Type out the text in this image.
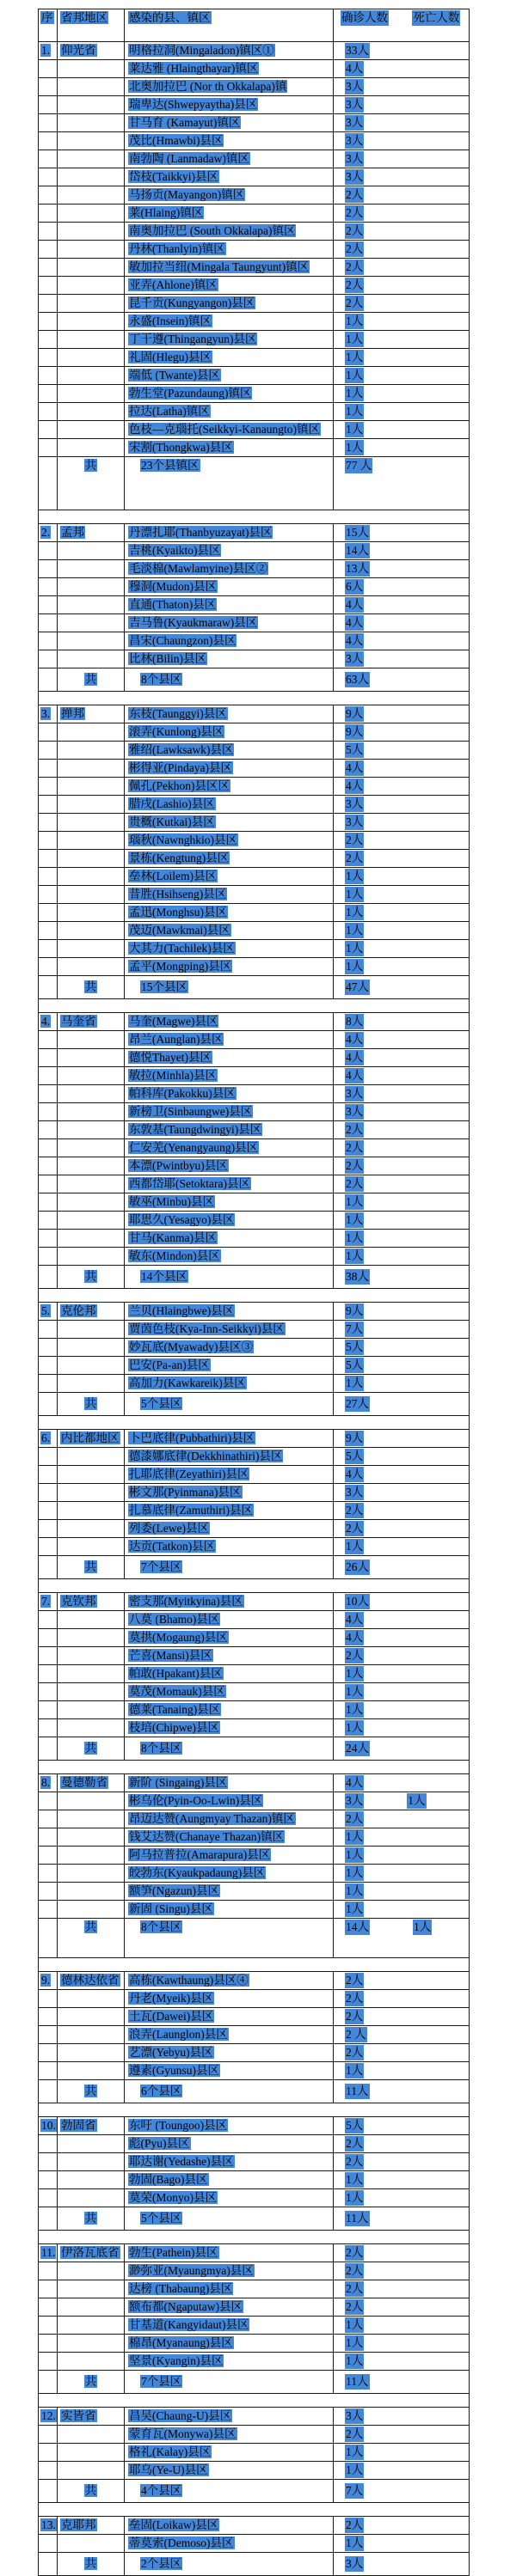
序	省邦地区	感染的县、镇区	确诊人数 死亡人数
1.	仰光省	明格拉洞(Mingaladon)镇区①	33人
		莱达雅 (Hlaingthayar)镇区	4人
		北奥加拉巴 (Nor th Okkalapa)镇	3人
		瑞卑达(Shwepyaytha)县区	3人
		甘马育 (Kamayut)镇区	3人
		茂比(Hmawbi)县区	3人
		南勃陶 (Lanmadaw)镇区	3人
		岱枝(Taikkyi)县区	3人
		马扬贡(Mayangon)镇区	2人
		莱(Hlaing)镇区	2人
		南奥加拉巴 (South Okkalapa)镇区	2人
		丹林(Thanlyin)镇区	2人
		敏加拉当纽(Mingala Taungyunt)镇区	2人
		亚弄(Ahlone)镇区	2人
		昆千贡(Kungyangon)县区	2人
		永盛(Insein)镇区	1人
		丁干遵(Thingangyun)县区	1人
		礼固(Hlegu)县区	1人
		端低 (Twante)县区	1人
		勃生堂(Pazundaung)镇区	1人
		拉达(Latha)镇区	1人
		色枝—克瑙托(Seikkyi-Kanaungto)镇区	1人
		宋割(Thongkwa)县区	1人
	共	23个县镇区	77 人

2.	孟邦	丹漂扎耶(Thanbyuzayat)县区	15人
		吉桃(Kyaikto)县区	14人
		毛淡棉(Mawlamyine)县区②	13人
		穆洞(Mudon)县区	6人
		直通(Thaton)县区	4人
		吉马鲁(Kyaukmaraw)县区	4人
		昌宋(Chaungzon)县区	4人
		比林(Bilin)县区	3人
	共	8个县区	63人

3.	掸邦	东枝(Taunggyi)县区	9人
		滚弄(Kunlong)县区	9人
		雅绍(Lawksawk)县区	5人
		彬得亚(Pindaya)县区	4人
		佩孔(Pekhon)县区区	4人
		腊戌(Lashio)县区	3人
		贵概(Kutkai)县区	3人
		瑙秋(Nawnghkio)县区	2人
		景栋(Kengtung)县区	2人
		垒林(Loilem)县区	1人
		昔胜(Hsihseng)县区	1人
		孟迅(Monghsu)县区	1人
		茂迈(Mawkmai)县区	1人
		大其力(Tachilek)县区	1人
		孟平(Mongping)县区	1人
	共	15个县区	47人

4.	马奎省	马奎(Magwe)县区	8人
		昂兰(Aunglan)县区	4人
		德悦Thayet)县区	4人
		敏拉(Minhla)县区	4人
		帕科库(Pakokku)县区	3人
		新榜卫(Sinbaungwe)县区	3人
		东敦基(Taungdwingyi)县区	2人
		仁安羌(Yenangyaung)县区	2人
		本漂(Pwintbyu)县区	2人
		西都岱耶(Setoktara)县区	2人
		敏巫(Minbu)县区	1人
		耶思久(Yesagyo)县区	1人
		甘马(Kanma)县区	1人
		敏东(Mindon)县区	1人
	共	14个县区	38人

5.	克伦邦	兰贝(Hlaingbwe)县区	9人
		贾茵色枝(Kya-Inn-Seikkyi)县区	7人
		妙瓦底(Myawady)县区③	5人
		巴安(Pa-an)县区	5人
		高加力(Kawkareik)县区	1人
	共	5个县区	27人

6.	内比都地区	卜巴底律(Pubbathiri)县区	9人
		德漆娜底律(Dekkhinathiri)县区	5人
		扎耶底律(Zeyathiri)县区	4人
		彬文那(Pyinmana)县区	3人
		扎慕底律(Zamuthiri)县区	2人
		列委(Lewe)县区	2人
		达贡(Tatkon)县区	1人
	共	7个县区	26人

7.	克钦邦	密支那(Myitkyina)县区	10人
		八莫 (Bhamo)县区	4人
		莫拱(Mogaung)县区	4人
		芒喜(Mansi)县区	2人
		帕敢(Hpakant)县区	1人
		莫茂(Momauk)县区	1人
		德莱(Tanaing)县区	1人
		枝培(Chipwe)县区	1人
	共	8个县区	24人

8.	曼德勒省	新阶 (Singaing)县区	4人
		彬乌伦(Pyin-Oo-Lwin)县区	3人 1人
		昂迈达赞(Aungmyay Thazan)镇区	2人
		钱艾达赞(Chanaye Thazan)镇区	1人
		阿马拉普拉(Amarapura)县区	1人
		皎勃东(Kyaukpadaung)县区	1人
		额笋(Ngazun)县区	1人
		新固 (Singu)县区	1人
	共	8个县区	14人 1人

9.	德林达依省	高栋(Kawthaung)县区④	2人
		丹老(Myeik)县区	2人
		土瓦(Dawei)县区	2人
		浪弄(Launglon)县区	2 人
		艺漂(Yebyu)县区	2人
		遵素(Gyunsu)县区	1人
	共	6个县区	11人

10.	勃固省	东吁 (Toungoo)县区	5人
		彪(Pyu)县区	2人
		耶达谢(Yedashe)县区	2人
		勃固(Bago)县区	1人
		莫荣(Monyo)县区	1人
	共	5个县区	11人

11.	伊洛瓦底省	勃生(Pathein)县区	2人
		渺弥亚(Myaungmya)县区	2人
		达榜 (Thabaung)县区	2人
		额布都(Ngaputaw)县区	2人
		甘基道(Kangyidaut)县区	1人
		棉昂(Myanaung)县区	1人
		坚景(Kyangin)县区	1人
	共	7个县区	11人

12.	实皆省	昌吴(Chaung-U)县区	3人
		蒙育瓦(Monywa)县区	2人
		格礼(Kalay)县区	1人
		耶乌(Ye-U)县区	1人
	共	4个县区	7人

13.	克耶邦	垒固(Loikaw)县区	2人
		蒂莫索(Demoso)县区	1人
	共	2个县区	3人
